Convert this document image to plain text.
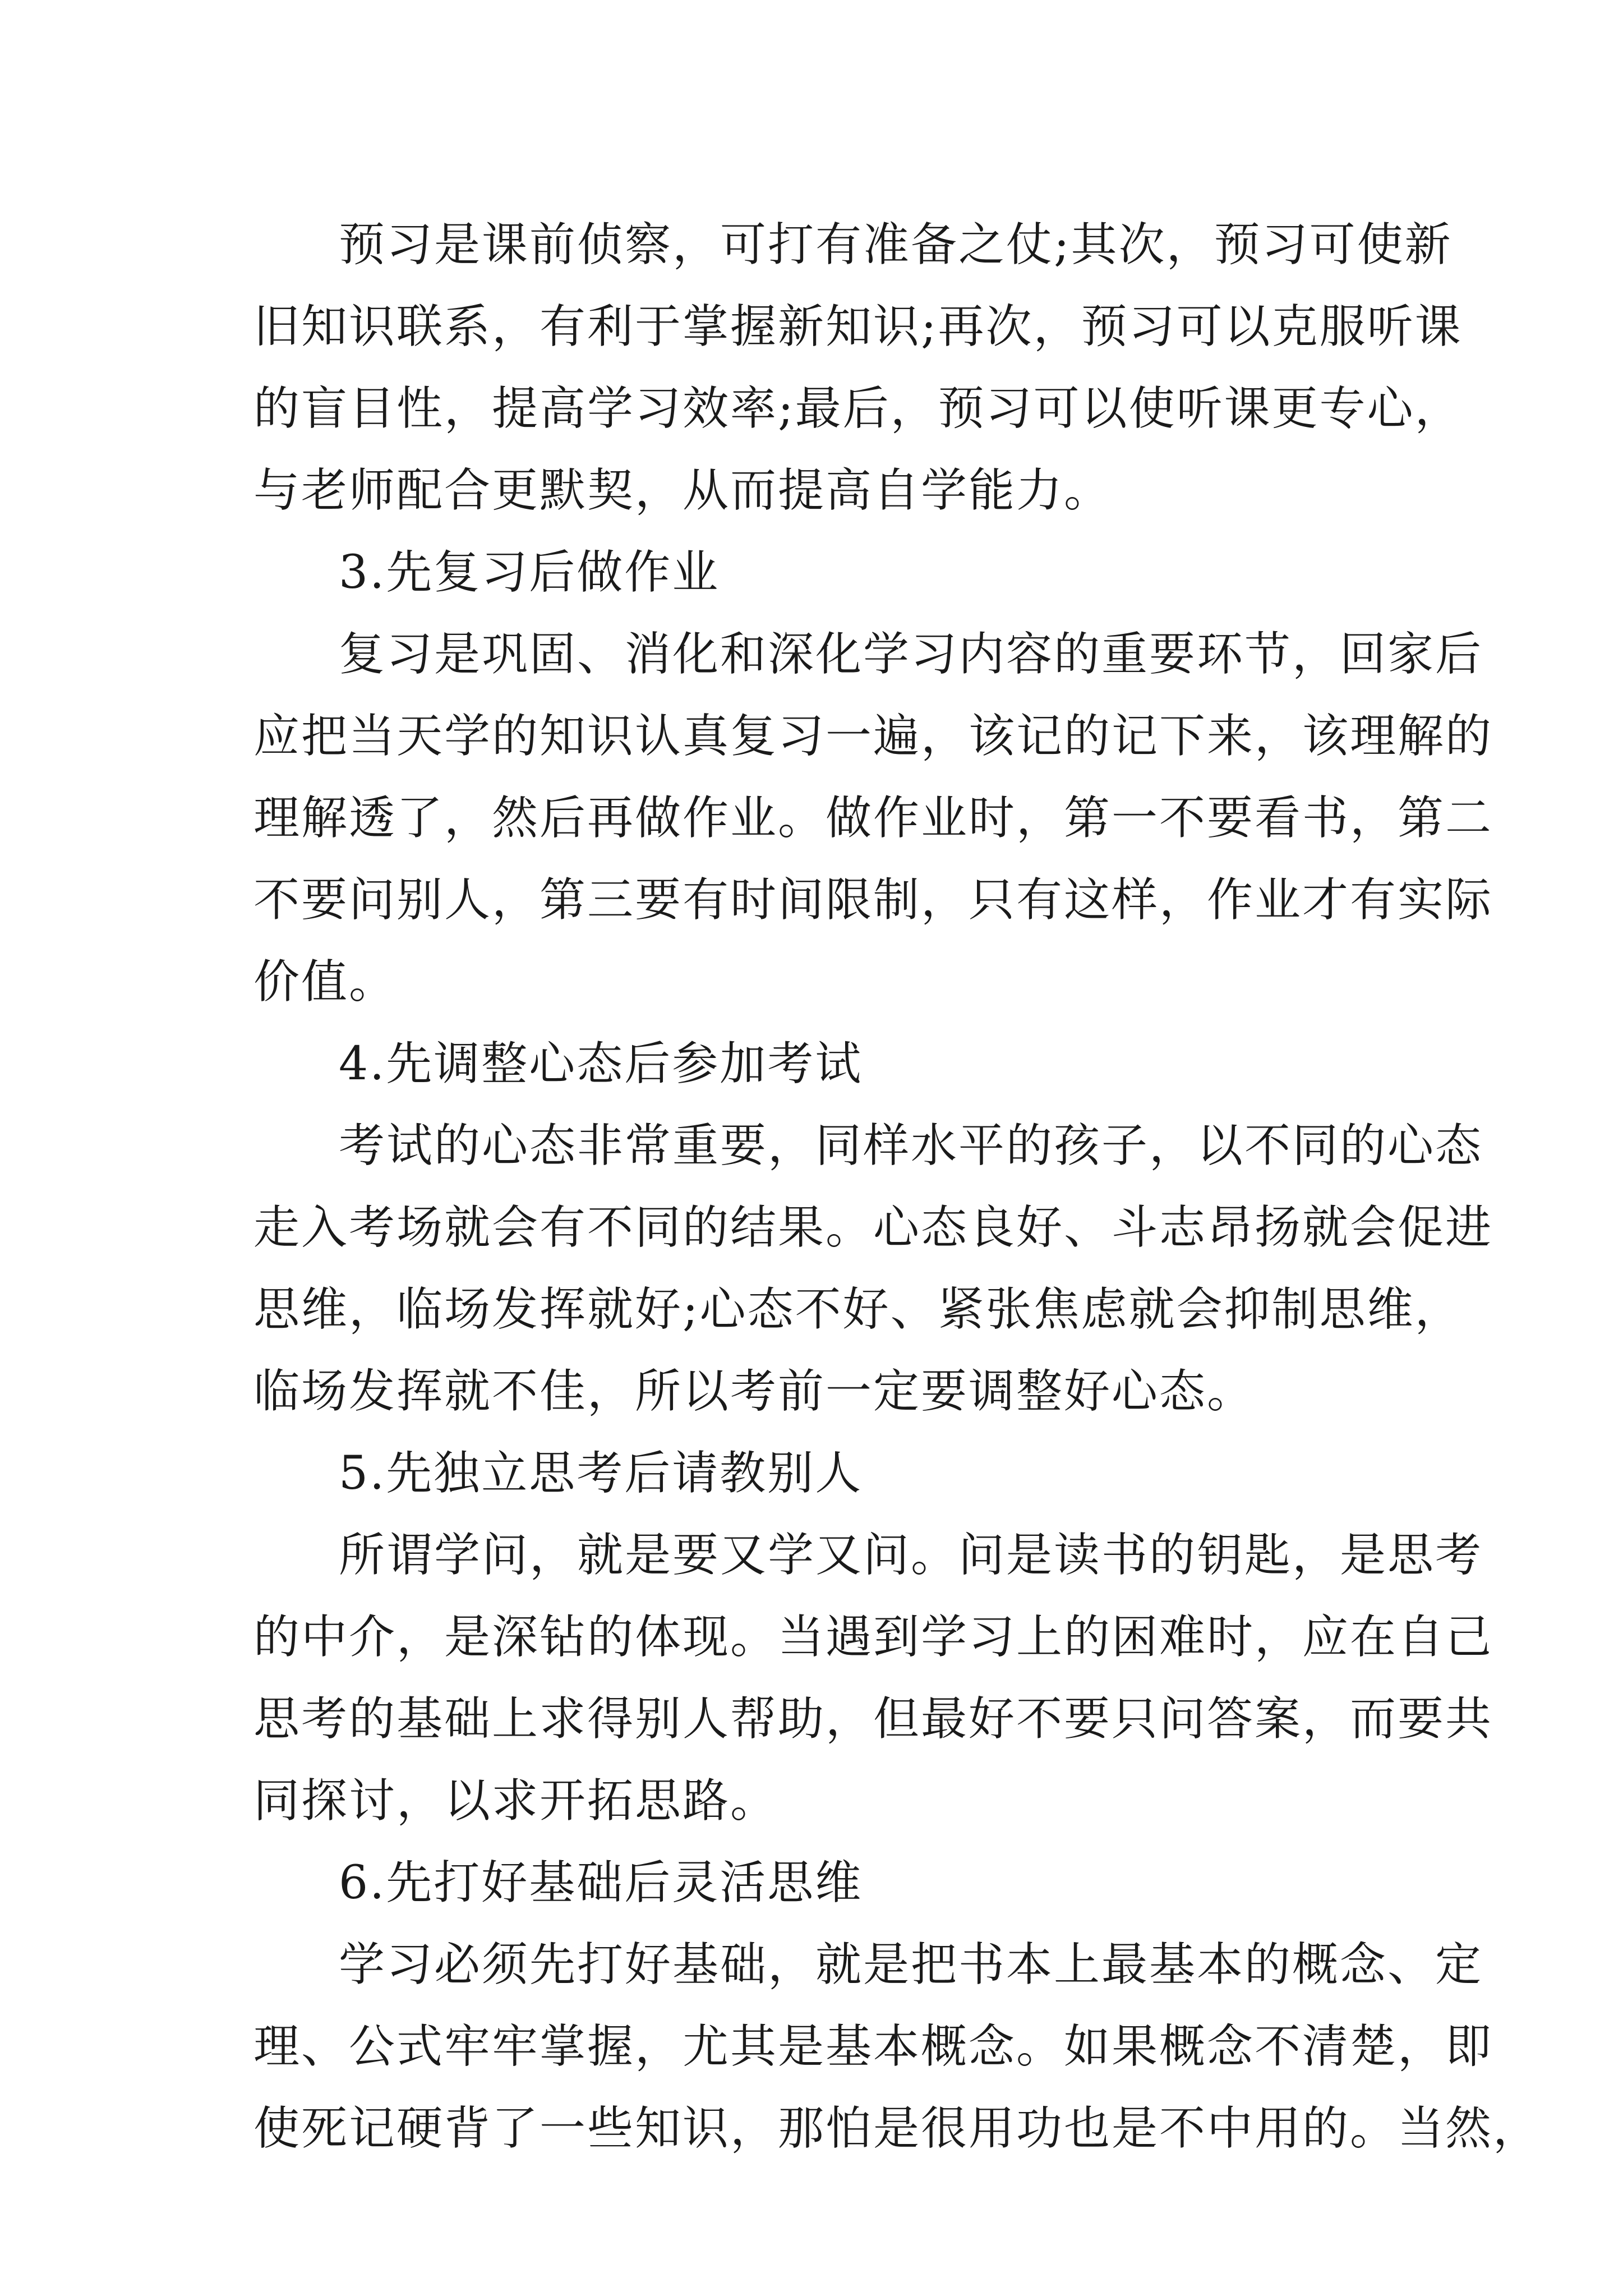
预习是课前侦察，可打有准备之仗;其次，预习可使新
旧知识联系，有利于掌握新知识;再次，预习可以克服听课
的盲目性，提高学习效率;最后，预习可以使听课更专心，
与老师配合更默契，从而提高自学能力。
3.先复习后做作业
复习是巩固、消化和深化学习内容的重要环节，回家后
应把当天学的知识认真复习一遍，该记的记下来，该理解的
理解透了，然后再做作业。做作业时，第一不要看书，第二
不要问别人，第三要有时间限制，只有这样，作业才有实际
价值。
4.先调整心态后参加考试
考试的心态非常重要，同样水平的孩子，以不同的心态
走入考场就会有不同的结果。心态良好、斗志昂扬就会促进
思维，临场发挥就好;心态不好、紧张焦虑就会抑制思维，
临场发挥就不佳，所以考前一定要调整好心态。
5.先独立思考后请教别人
所谓学问，就是要又学又问。问是读书的钥匙，是思考
的中介，是深钻的体现。当遇到学习上的困难时，应在自己
思考的基础上求得别人帮助，但最好不要只问答案，而要共
同探讨，以求开拓思路。
6.先打好基础后灵活思维
学习必须先打好基础，就是把书本上最基本的概念、定
理、公式牢牢掌握，尤其是基本概念。如果概念不清楚，即
使死记硬背了一些知识，那怕是很用功也是不中用的。当然，
